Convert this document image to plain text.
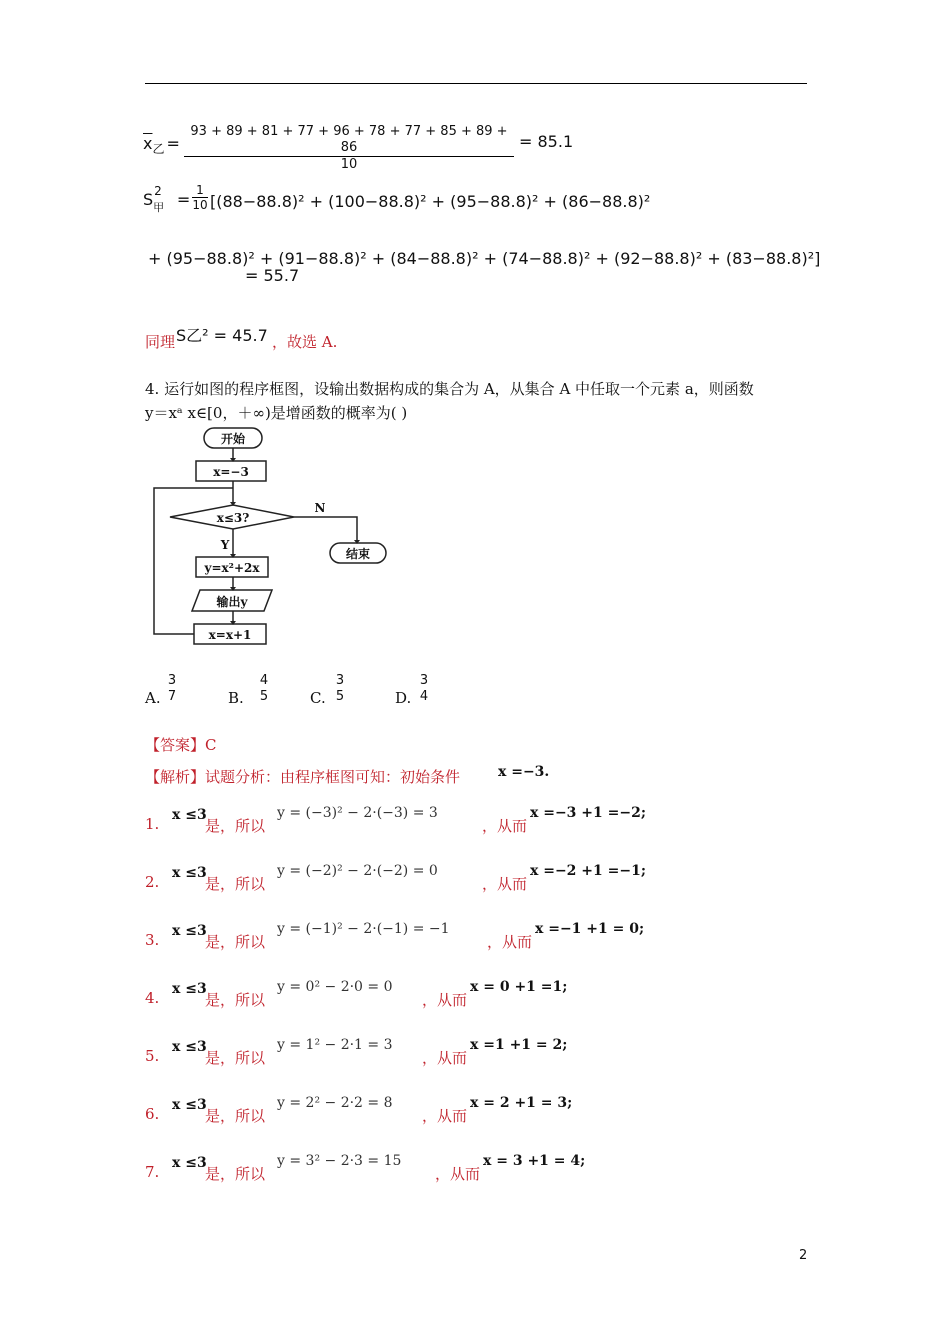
$\overline{x}_乙$ =
93 + 89 + 81 + 77 + 96 + 78 + 77 + 85 + 89 + 86
10
= 85.1
$S_甲^2 = 1$
10 [(88−88.8)² + (100−88.8)² + (95−88.8)² + (86−88.8)²
+ (95−88.8)² + (91−88.8)² + (84−88.8)² + (74−88.8)² + (92−88.8)² + (83−88.8)²]
= 55.7
同理 S乙² = 45.7 ，故选 A.
4. 运行如图的程序框图，设输出数据构成的集合为 A，从集合 A 中任取一个元素 a，则函数
y＝xᵃ x∈[0，＋∞)是增函数的概率为( )
开始
x=−3
x≤3?
N
Y
结束
y=x²+2x
输出y
x=x+1
A.
3
7	B.
4
5	C.
3
5	D.
3
4
【答案】C
【解析】试题分析：由程序框图可知：初始条件	x =−3.
1. x ≤3
是，所以
y = (−3)² − 2·(−3) = 3
，从而
x =−3 +1 =−2;
2. x ≤3
是，所以
y = (−2)² − 2·(−2) = 0
，从而
x =−2 +1 =−1;
3. x ≤3
是，所以
y = (−1)² − 2·(−1) = −1
，从而
x =−1 +1 = 0;
4. x ≤3
是，所以
y = 0² − 2·0 = 0
，从而
x = 0 +1 =1;
5. x ≤3
是，所以
y = 1² − 2·1 = 3
，从而
x =1 +1 = 2;
6. x ≤3
是，所以
y = 2² − 2·2 = 8
，从而
x = 2 +1 = 3;
7. x ≤3
是，所以
y = 3² − 2·3 = 15
，从而
x = 3 +1 = 4;
2
